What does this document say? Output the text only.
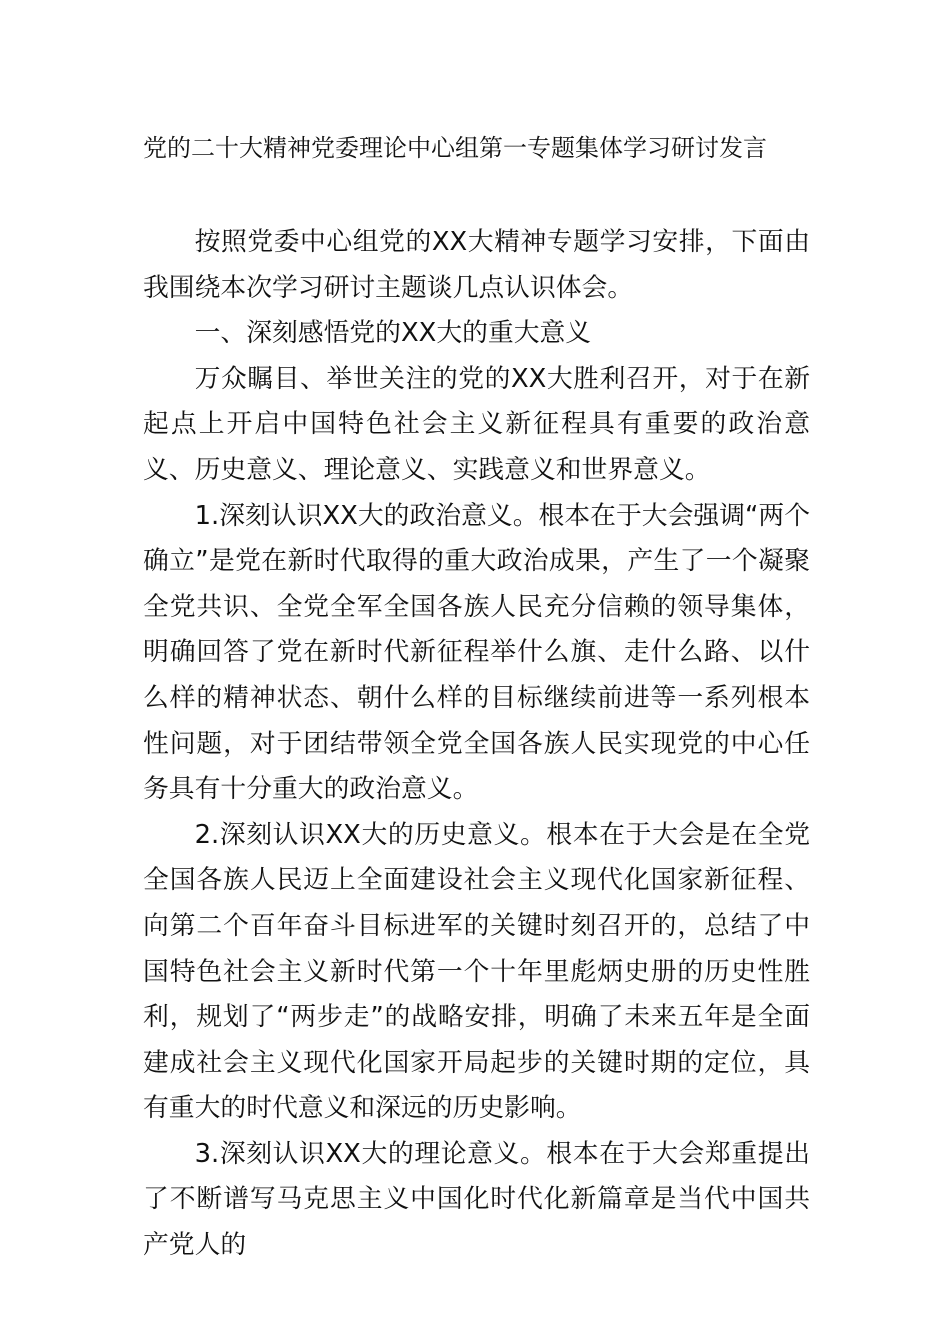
党的二十大精神党委理论中心组第一专题集体学习研讨发言

按照党委中心组党的XX大精神专题学习安排，下面由我围绕本次学习研讨主题谈几点认识体会。

一、深刻感悟党的XX大的重大意义

万众瞩目、举世关注的党的XX大胜利召开，对于在新起点上开启中国特色社会主义新征程具有重要的政治意义、历史意义、理论意义、实践意义和世界意义。

1.深刻认识XX大的政治意义。根本在于大会强调“两个确立”是党在新时代取得的重大政治成果，产生了一个凝聚全党共识、全党全军全国各族人民充分信赖的领导集体，明确回答了党在新时代新征程举什么旗、走什么路、以什么样的精神状态、朝什么样的目标继续前进等一系列根本性问题，对于团结带领全党全国各族人民实现党的中心任务具有十分重大的政治意义。

2.深刻认识XX大的历史意义。根本在于大会是在全党全国各族人民迈上全面建设社会主义现代化国家新征程、向第二个百年奋斗目标进军的关键时刻召开的，总结了中国特色社会主义新时代第一个十年里彪炳史册的历史性胜利，规划了“两步走”的战略安排，明确了未来五年是全面建成社会主义现代化国家开局起步的关键时期的定位，具有重大的时代意义和深远的历史影响。

3.深刻认识XX大的理论意义。根本在于大会郑重提出了不断谱写马克思主义中国化时代化新篇章是当代中国共产党人的
